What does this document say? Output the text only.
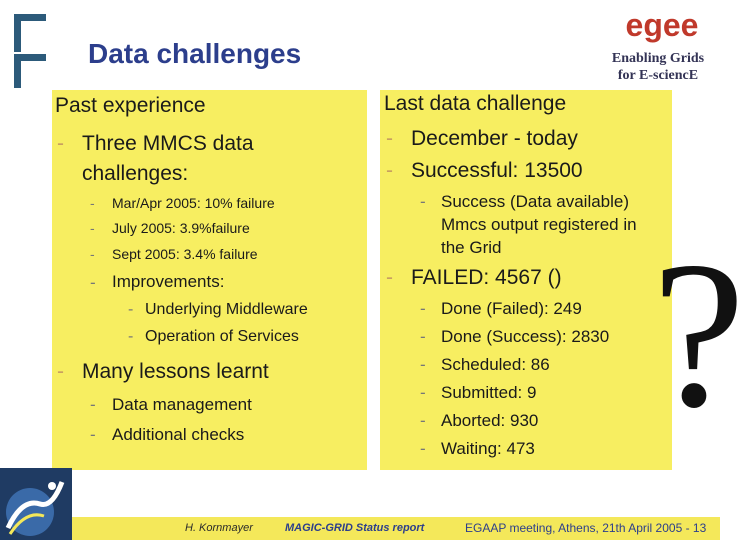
Data challenges
egee
Enabling Grids
for E-sciencE
Past experience
- Three MMCS data
challenges:
- Mar/Apr 2005: 10% failure
- July 2005: 3.9%failure
- Sept 2005: 3.4% failure
- Improvements:
- Underlying Middleware
- Operation of Services
- Many lessons learnt
- Data management
- Additional checks
Last data challenge
- December - today
- Successful: 13500
- Success (Data available)
Mmcs output registered in
the Grid
- FAILED: 4567 ()
- Done (Failed): 249
- Done (Success): 2830
- Scheduled: 86
- Submitted: 9
- Aborted: 930
- Waiting: 473 ?
H. Kornmayer	MAGIC-GRID Status report	EGAAP meeting, Athens, 21th April 2005 - 13
